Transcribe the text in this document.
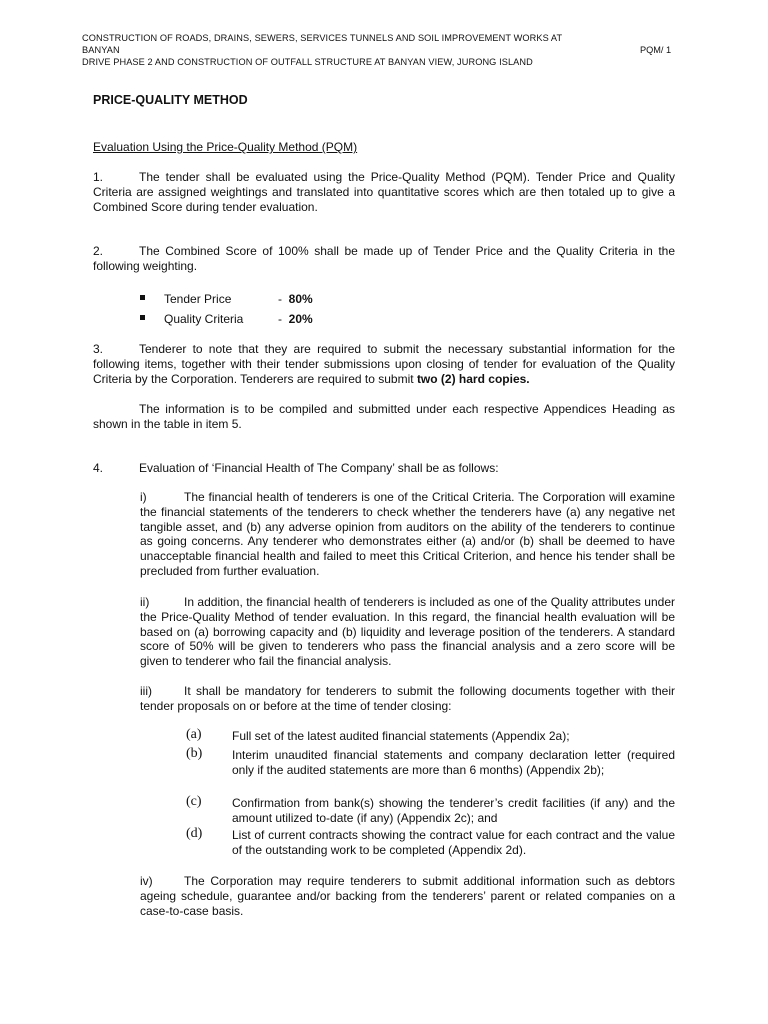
CONSTRUCTION OF ROADS, DRAINS, SEWERS, SERVICES TUNNELS AND SOIL IMPROVEMENT WORKS AT BANYAN
DRIVE PHASE 2 AND CONSTRUCTION OF OUTFALL STRUCTURE AT BANYAN VIEW, JURONG ISLAND
PQM/ 1
PRICE-QUALITY METHOD
Evaluation Using the Price-Quality Method (PQM)
1.	The tender shall be evaluated using the Price-Quality Method (PQM). Tender Price and Quality Criteria are assigned weightings and translated into quantitative scores which are then totaled up to give a Combined Score during tender evaluation.
2.	The Combined Score of 100% shall be made up of Tender Price and the Quality Criteria in the following weighting.
Tender Price	- 80%
Quality Criteria	- 20%
3.	Tenderer to note that they are required to submit the necessary substantial information for the following items, together with their tender submissions upon closing of tender for evaluation of the Quality Criteria by the Corporation. Tenderers are required to submit two (2) hard copies.
The information is to be compiled and submitted under each respective Appendices Heading as shown in the table in item 5.
4.	Evaluation of ‘Financial Health of The Company’ shall be as follows:
i)	The financial health of tenderers is one of the Critical Criteria. The Corporation will examine the financial statements of the tenderers to check whether the tenderers have (a) any negative net tangible asset, and (b) any adverse opinion from auditors on the ability of the tenderers to continue as going concerns. Any tenderer who demonstrates either (a) and/or (b) shall be deemed to have unacceptable financial health and failed to meet this Critical Criterion, and hence his tender shall be precluded from further evaluation.
ii)	In addition, the financial health of tenderers is included as one of the Quality attributes under the Price-Quality Method of tender evaluation. In this regard, the financial health evaluation will be based on (a) borrowing capacity and (b) liquidity and leverage position of the tenderers. A standard score of 50% will be given to tenderers who pass the financial analysis and a zero score will be given to tenderer who fail the financial analysis.
iii)	It shall be mandatory for tenderers to submit the following documents together with their tender proposals on or before at the time of tender closing:
(a)	Full set of the latest audited financial statements (Appendix 2a);
(b) Interim unaudited financial statements and company declaration letter (required only if the audited statements are more than 6 months) (Appendix 2b);
(c)	Confirmation from bank(s) showing the tenderer’s credit facilities (if any) and the amount utilized to-date (if any) (Appendix 2c); and
(d) List of current contracts showing the contract value for each contract and the value of the outstanding work to be completed (Appendix 2d).
iv)	The Corporation may require tenderers to submit additional information such as debtors ageing schedule, guarantee and/or backing from the tenderers’ parent or related companies on a case-to-case basis.
